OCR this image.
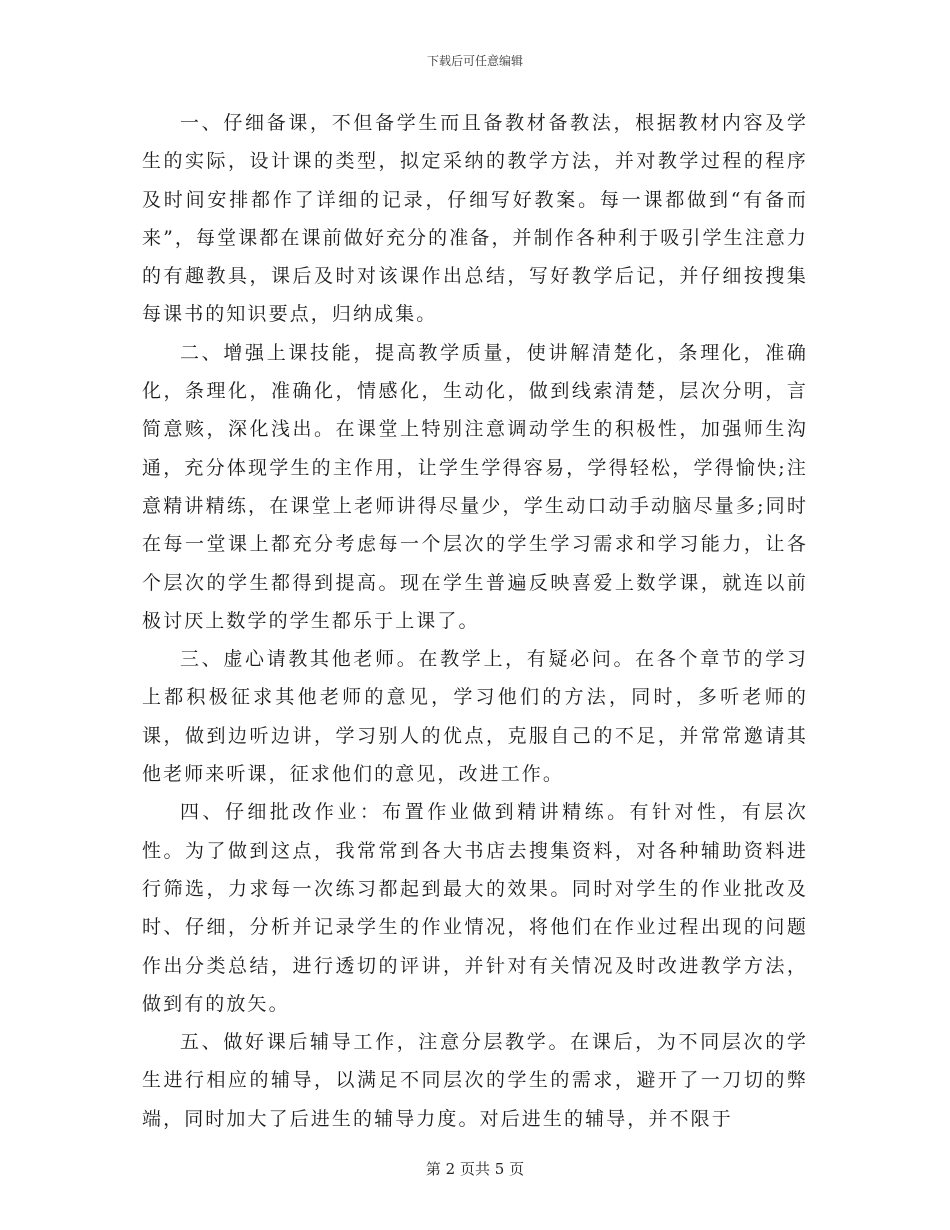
下载后可任意编辑

一、仔细备课，不但备学生而且备教材备教法，根据教材内容及学生的实际，设计课的类型，拟定采纳的教学方法，并对教学过程的程序及时间安排都作了详细的记录，仔细写好教案。每一课都做到“有备而来”，每堂课都在课前做好充分的准备，并制作各种利于吸引学生注意力的有趣教具，课后及时对该课作出总结，写好教学后记，并仔细按搜集每课书的知识要点，归纳成集。

二、增强上课技能，提高教学质量，使讲解清楚化，条理化，准确化，条理化，准确化，情感化，生动化，做到线索清楚，层次分明，言简意赅，深化浅出。在课堂上特别注意调动学生的积极性，加强师生沟通，充分体现学生的主作用，让学生学得容易，学得轻松，学得愉快;注意精讲精练，在课堂上老师讲得尽量少，学生动口动手动脑尽量多;同时在每一堂课上都充分考虑每一个层次的学生学习需求和学习能力，让各个层次的学生都得到提高。现在学生普遍反映喜爱上数学课，就连以前极讨厌上数学的学生都乐于上课了。

三、虚心请教其他老师。在教学上，有疑必问。在各个章节的学习上都积极征求其他老师的意见，学习他们的方法，同时，多听老师的课，做到边听边讲，学习别人的优点，克服自己的不足，并常常邀请其他老师来听课，征求他们的意见，改进工作。

四、仔细批改作业：布置作业做到精讲精练。有针对性，有层次性。为了做到这点，我常常到各大书店去搜集资料，对各种辅助资料进行筛选，力求每一次练习都起到最大的效果。同时对学生的作业批改及时、仔细，分析并记录学生的作业情况，将他们在作业过程出现的问题作出分类总结，进行透切的评讲，并针对有关情况及时改进教学方法，做到有的放矢。

五、做好课后辅导工作，注意分层教学。在课后，为不同层次的学生进行相应的辅导，以满足不同层次的学生的需求，避开了一刀切的弊端，同时加大了后进生的辅导力度。对后进生的辅导，并不限于

第 2 页共 5 页
